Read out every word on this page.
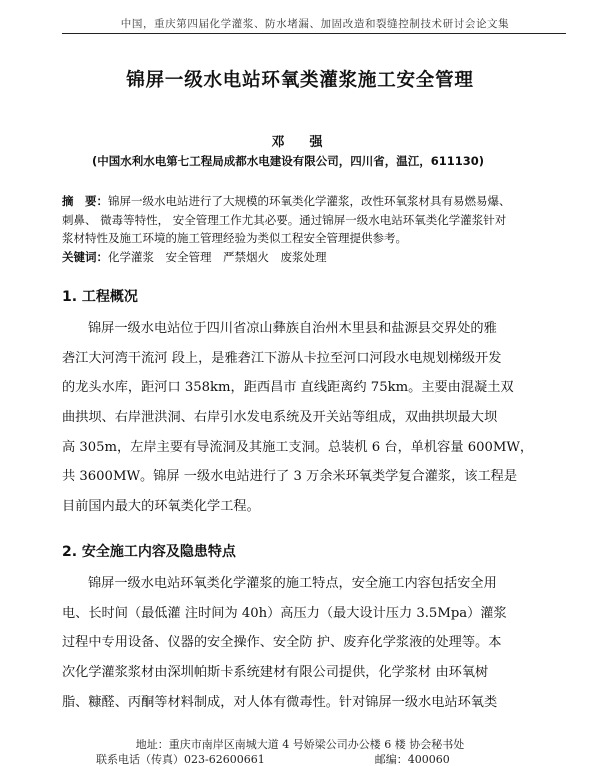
中国，重庆第四届化学灌浆、防水堵漏、加固改造和裂缝控制技术研讨会论文集
锦屏一级水电站环氧类灌浆施工安全管理
邓　强
(中国水利水电第七工程局成都水电建设有限公司，四川省，温江，611130)
摘　要：锦屏一级水电站进行了大规模的环氧类化学灌浆，改性环氧浆材具有易燃易爆、
刺鼻、 微毒等特性， 安全管理工作尤其必要。通过锦屏一级水电站环氧类化学灌浆针对
浆材特性及施工环境的施工管理经验为类似工程安全管理提供参考。
关键词：化学灌浆　安全管理　严禁烟火　废浆处理
1. 工程概况
锦屏一级水电站位于四川省凉山彝族自治州木里县和盐源县交界处的雅
砻江大河湾干流河 段上，是雅砻江下游从卡拉至河口河段水电规划梯级开发
的龙头水库，距河口 358km，距西昌市 直线距离约 75km。主要由混凝土双
曲拱坝、右岸泄洪洞、右岸引水发电系统及开关站等组成，双曲拱坝最大坝
高 305m，左岸主要有导流洞及其施工支洞。总装机 6 台，单机容量 600MW，
共 3600MW。锦屏 一级水电站进行了 3 万余米环氧类学复合灌浆，该工程是
目前国内最大的环氧类化学工程。
2. 安全施工内容及隐患特点
锦屏一级水电站环氧类化学灌浆的施工特点，安全施工内容包括安全用
电、长时间（最低灌 注时间为 40h）高压力（最大设计压力 3.5Mpa）灌浆
过程中专用设备、仪器的安全操作、安全防 护、废弃化学浆液的处理等。本
次化学灌浆浆材由深圳帕斯卡系统建材有限公司提供，化学浆材 由环氧树
脂、糠醛、丙酮等材料制成，对人体有微毒性。针对锦屏一级水电站环氧类
地址：重庆市南岸区南城大道 4 号娇梁公司办公楼 6 楼 协会秘书处
联系电话（传真）023-62600661　　　　　　　　　　邮编：400060
